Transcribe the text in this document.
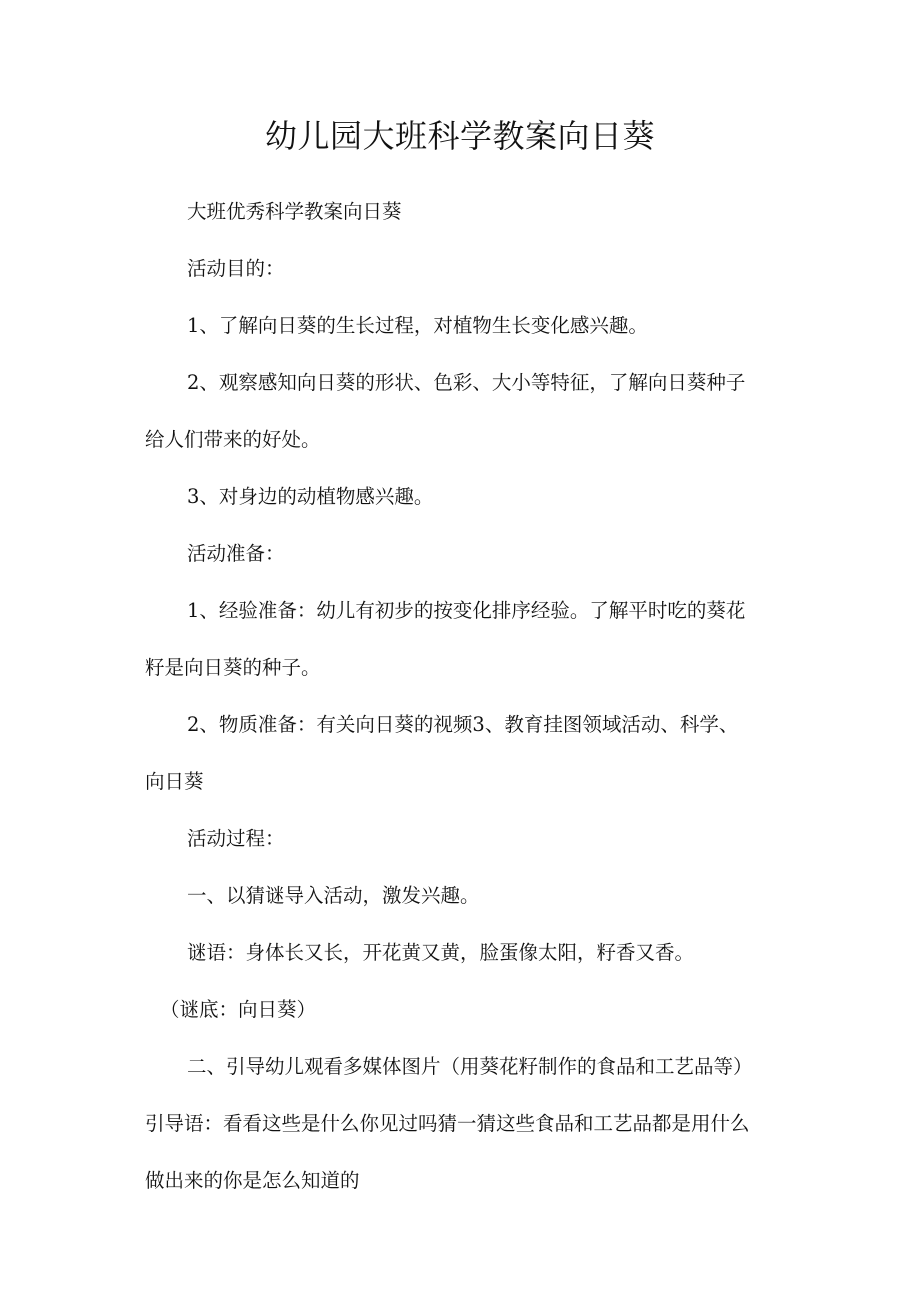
幼儿园大班科学教案向日葵
大班优秀科学教案向日葵
活动目的：
1、了解向日葵的生长过程，对植物生长变化感兴趣。
2、观察感知向日葵的形状、色彩、大小等特征，了解向日葵种子
给人们带来的好处。
3、对身边的动植物感兴趣。
活动准备：
1、经验准备：幼儿有初步的按变化排序经验。了解平时吃的葵花
籽是向日葵的种子。
2、物质准备：有关向日葵的视频3、教育挂图领域活动、科学、
向日葵
活动过程：
一、以猜谜导入活动，激发兴趣。
谜语：身体长又长，开花黄又黄，脸蛋像太阳，籽香又香。
（谜底：向日葵）
二、引导幼儿观看多媒体图片（用葵花籽制作的食品和工艺品等）
引导语：看看这些是什么你见过吗猜一猜这些食品和工艺品都是用什么
做出来的你是怎么知道的
